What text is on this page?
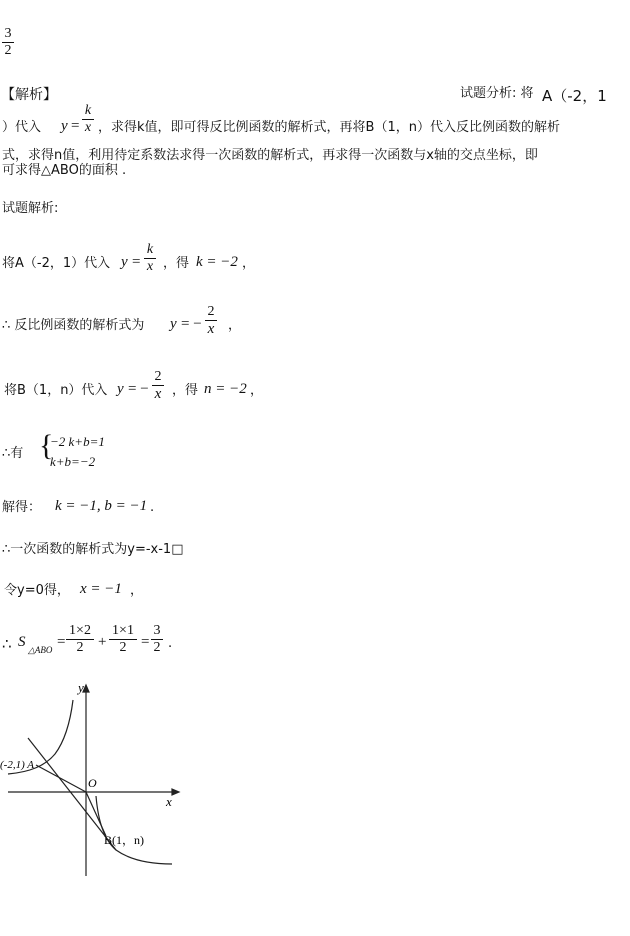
3
2
【解析】	试题分析: 将 A（-2，1
）代入 y =
k
x ，求得k值，即可得反比例函数的解析式，再将B（1，n）代入反比例函数的解析
式，求得n值，利用待定系数法求得一次函数的解析式，再求得一次函数与x轴的交点坐标，即
可求得△ABO的面积 .
试题解析:
将A（-2，1）代入 y =
k
x ，得 k = −2 ，
∴ 反比例函数的解析式为 y = −
2
x ，
将B（1，n）代入 y = −
2
x ，得 n = −2 ，
∴有 {
−2 k+b=1
k+b=−2
解得： k = −1, b = −1 .
∴一次函数的解析式为y=-x-1□
令y=0得， x = −1 ，
∴ S △ABO =
1×2
2 +
1×1
2 =
3
2 .
y
x
O
(-2,1) A
B(1，n)
